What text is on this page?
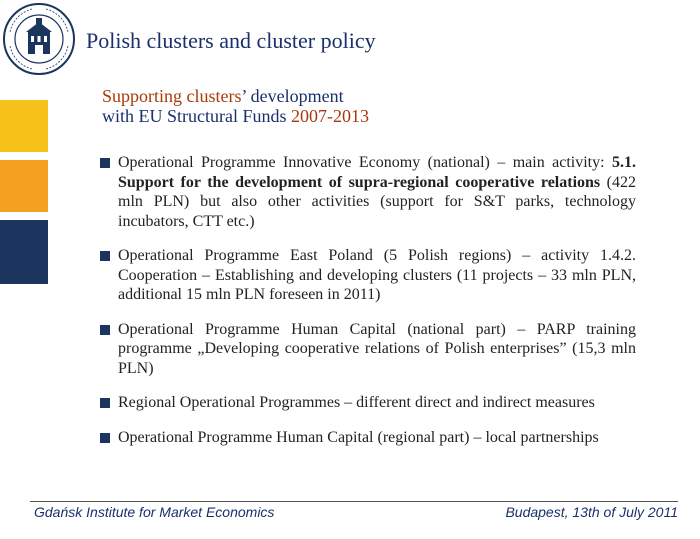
Polish clusters and cluster policy
Supporting clusters’ development
with EU Structural Funds 2007-2013
Operational Programme Innovative Economy (national) – main activity: 5.1. Support for the development of supra-regional cooperative relations (422 mln PLN) but also other activities (support for S&T parks, technology incubators, CTT etc.)
Operational Programme East Poland (5 Polish regions) – activity 1.4.2. Cooperation – Establishing and developing clusters (11 projects – 33 mln PLN, additional 15 mln PLN foreseen in 2011)
Operational Programme Human Capital (national part) – PARP training programme „Developing cooperative relations of Polish enterprises” (15,3 mln PLN)
Regional Operational Programmes – different direct and indirect measures
Operational Programme Human Capital (regional part) – local partnerships
Gdańsk Institute for Market Economics	Budapest, 13th of July 2011
